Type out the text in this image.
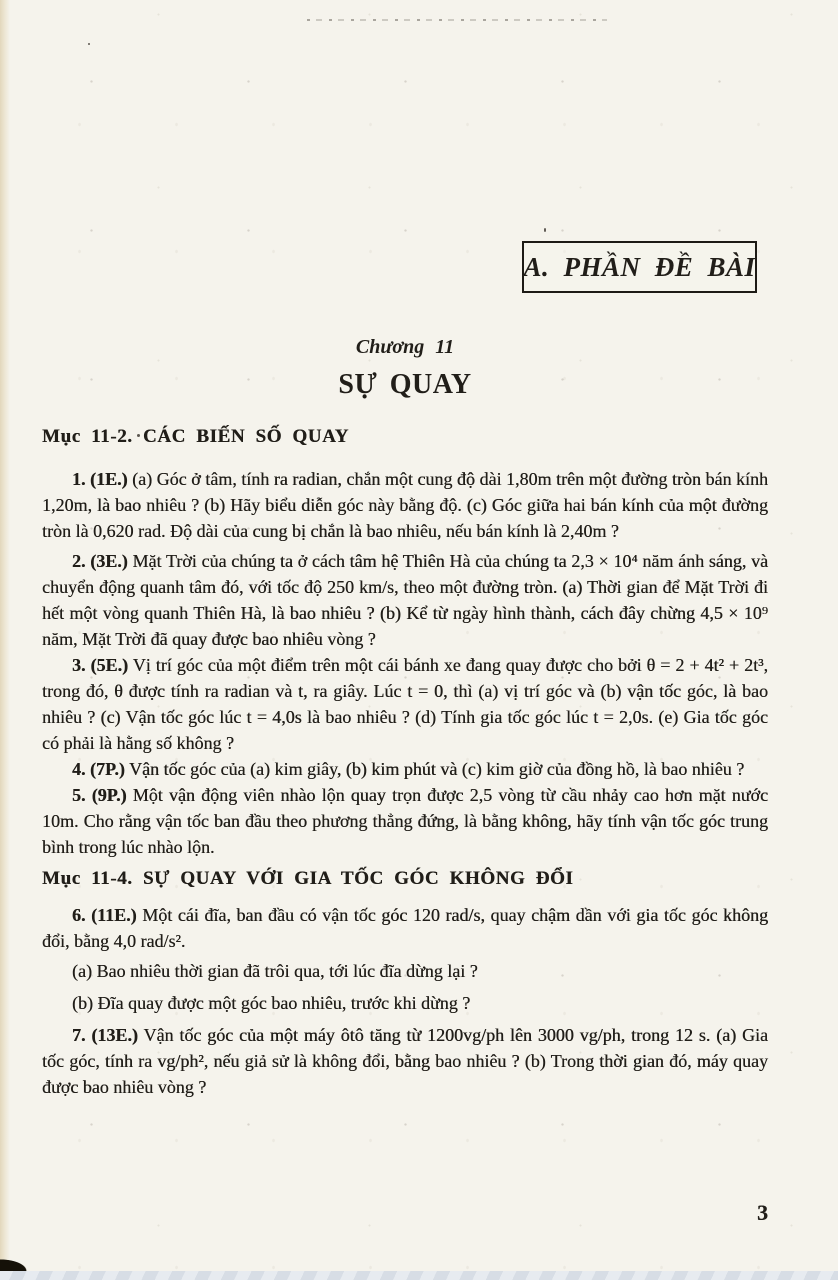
A. PHẦN ĐỀ BÀI
Chương 11
SỰ QUAY
Mục 11-2. CÁC BIẾN SỐ QUAY

1. (1E.) (a) Góc ở tâm, tính ra radian, chắn một cung độ dài 1,80m trên một đường tròn bán kính 1,20m, là bao nhiêu ? (b) Hãy biểu diễn góc này bằng độ. (c) Góc giữa hai bán kính của một đường tròn là 0,620 rad. Độ dài của cung bị chắn là bao nhiêu, nếu bán kính là 2,40m ?

2. (3E.) Mặt Trời của chúng ta ở cách tâm hệ Thiên Hà của chúng ta 2,3 × 10⁴ năm ánh sáng, và chuyển động quanh tâm đó, với tốc độ 250 km/s, theo một đường tròn. (a) Thời gian để Mặt Trời đi hết một vòng quanh Thiên Hà, là bao nhiêu ? (b) Kể từ ngày hình thành, cách đây chừng 4,5 × 10⁹ năm, Mặt Trời đã quay được bao nhiêu vòng ?

3. (5E.) Vị trí góc của một điểm trên một cái bánh xe đang quay được cho bởi θ = 2 + 4t² + 2t³, trong đó, θ được tính ra radian và t, ra giây. Lúc t = 0, thì (a) vị trí góc và (b) vận tốc góc, là bao nhiêu ? (c) Vận tốc góc lúc t = 4,0s là bao nhiêu ? (d) Tính gia tốc góc lúc t = 2,0s. (e) Gia tốc góc có phải là hằng số không ?

4. (7P.) Vận tốc góc của (a) kim giây, (b) kim phút và (c) kim giờ của đồng hồ, là bao nhiêu ?

5. (9P.) Một vận động viên nhào lộn quay trọn được 2,5 vòng từ cầu nhảy cao hơn mặt nước 10m. Cho rằng vận tốc ban đầu theo phương thẳng đứng, là bằng không, hãy tính vận tốc góc trung bình trong lúc nhào lộn.

Mục 11-4. SỰ QUAY VỚI GIA TỐC GÓC KHÔNG ĐỔI

6. (11E.) Một cái đĩa, ban đầu có vận tốc góc 120 rad/s, quay chậm dần với gia tốc góc không đổi, bằng 4,0 rad/s².

(a) Bao nhiêu thời gian đã trôi qua, tới lúc đĩa dừng lại ?

(b) Đĩa quay được một góc bao nhiêu, trước khi dừng ?

7. (13E.) Vận tốc góc của một máy ôtô tăng từ 1200vg/ph lên 3000 vg/ph, trong 12 s. (a) Gia tốc góc, tính ra vg/ph², nếu giả sử là không đổi, bằng bao nhiêu ? (b) Trong thời gian đó, máy quay được bao nhiêu vòng ?

3
